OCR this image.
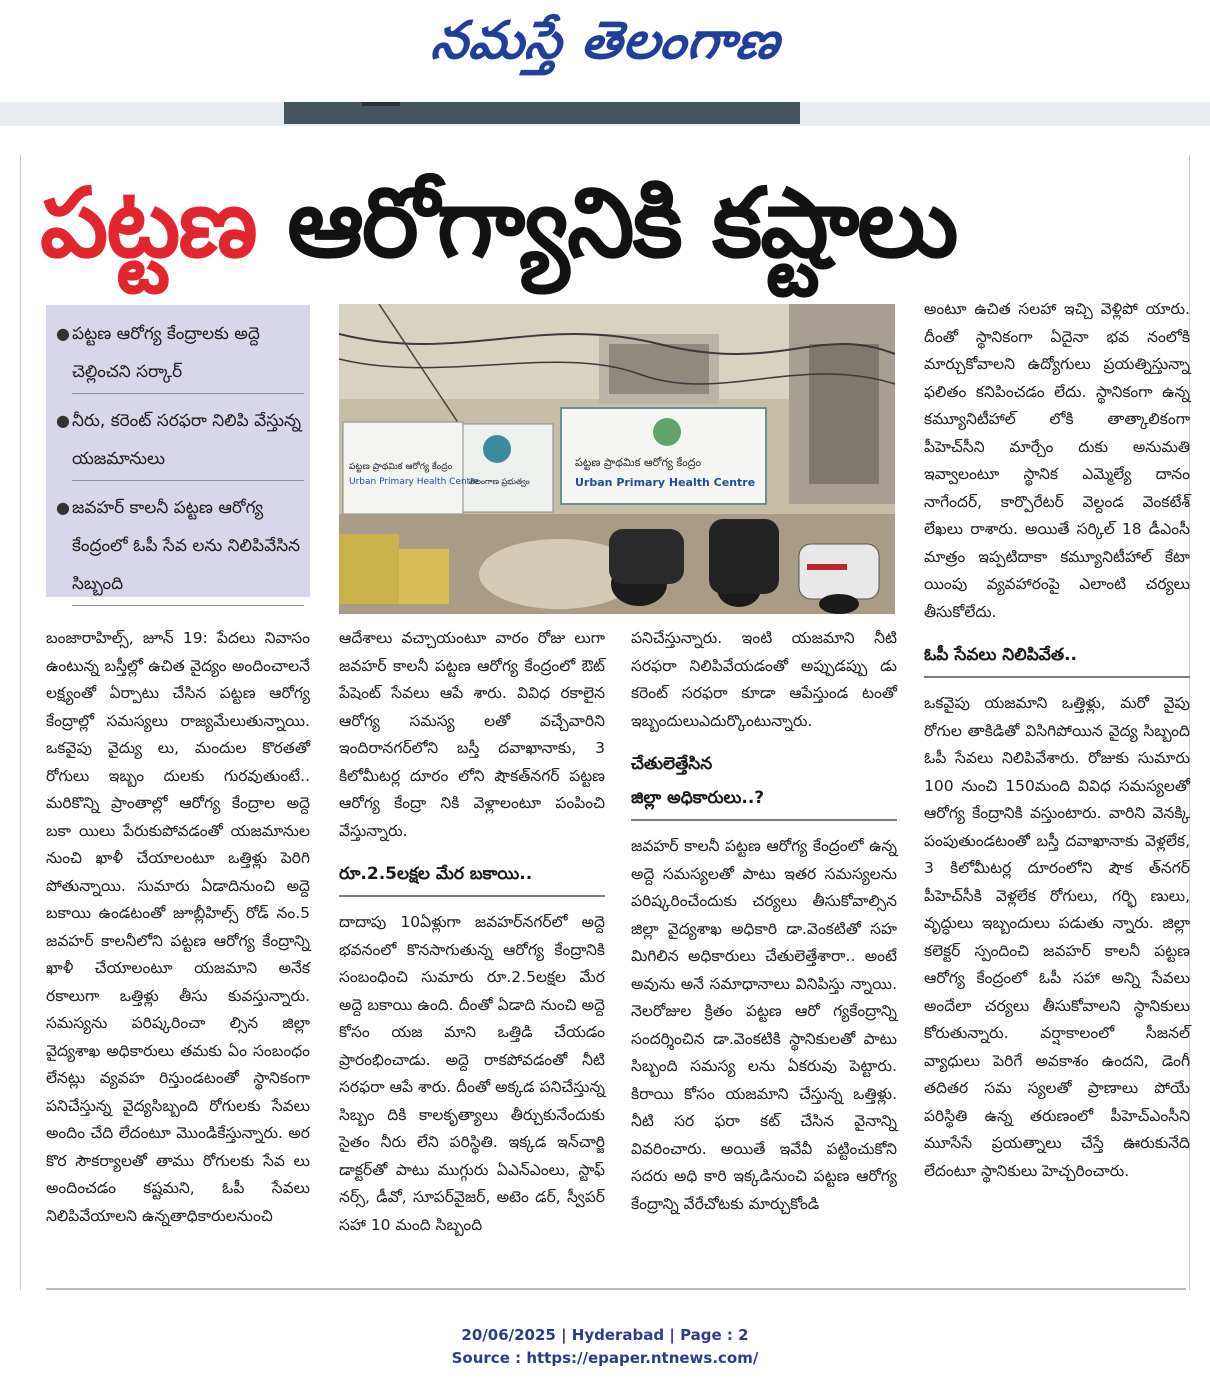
నమస్తే తెలంగాణ
పట్టణ ఆరోగ్యానికి కష్టాలు
● పట్టణ ఆరోగ్య కేంద్రాలకు అద్దె చెల్లించని సర్కార్
● నీరు, కరెంట్ సరఫరా నిలిపి వేస్తున్న యజమానులు
● జవహర్ కాలనీ పట్టణ ఆరోగ్య కేంద్రంలో ఓపీ సేవ లను నిలిపివేసిన సిబ్బంది
పట్టణ ప్రాథమిక ఆరోగ్య కేంద్రం
Urban Primary Health Centre
తెలంగాణ ప్రభుత్వం
పట్టణ ప్రాథమిక ఆరోగ్య కేంద్రం
Urban Primary Health Centre

బంజారాహిల్స్, జూన్ 19: పేదలు నివాసం ఉంటున్న బస్తీల్లో ఉచిత వైద్యం అందించాలనే లక్ష్యంతో ఏర్పాటు చేసిన పట్టణ ఆరోగ్య కేంద్రాల్లో సమస్యలు రాజ్యమేలుతున్నాయి. ఒకవైపు వైద్యు లు, మందుల కొరతతో రోగులు ఇబ్బం దులకు గురవుతుంటే.. మరికొన్ని ప్రాంతాల్లో ఆరోగ్య కేంద్రాల అద్దె బకా యిలు పేరుకుపోవడంతో యజమానుల నుంచి ఖాళీ చేయాలంటూ ఒత్తిళ్లు పెరిగి పోతున్నాయి. సుమారు ఏడాదినుంచి అద్దె బకాయి ఉండటంతో జూబ్లీహిల్స్ రోడ్ నం.5 జవహర్ కాలనీలోని పట్టణ ఆరోగ్య కేంద్రాన్ని ఖాళీ చేయాలంటూ యజమాని అనేక రకాలుగా ఒత్తిళ్లు తీసు కువస్తున్నారు. సమస్యను పరిష్కరించా ల్సిన జిల్లా వైద్యశాఖ అధికారులు తమకు ఏం సంబంధం లేనట్లు వ్యవహ రిస్తుండటంతో స్థానికంగా పనిచేస్తున్న వైద్యసిబ్బంది రోగులకు సేవలు అందిం చేది లేదంటూ మొండికేస్తున్నారు. అర కొర సౌకర్యాలతో తాము రోగులకు సేవ లు అందించడం కష్టమని, ఓపీ సేవలు నిలిపివేయాలని ఉన్నతాధికారులనుంచి

ఆదేశాలు వచ్చాయంటూ వారం రోజు లుగా జవహర్ కాలనీ పట్టణ ఆరోగ్య కేంద్రంలో ఔట్ పేషెంట్ సేవలు ఆపే శారు. వివిధ రకాలైన ఆరోగ్య సమస్య లతో వచ్చేవారిని ఇందిరానగర్‌లోని బస్తీ దవాఖానాకు, 3 కిలోమీటర్ల దూరం లోని షౌకత్‌నగర్ పట్టణ ఆరోగ్య కేంద్రా నికి వెళ్లాలంటూ పంపించి వేస్తున్నారు.

రూ.2.5లక్షల మేర బకాయి..

దాదాపు 10ఏళ్లుగా జవహర్‌నగర్‌లో అద్దె భవనంలో కొనసాగుతున్న ఆరోగ్య కేంద్రానికి సంబంధించి సుమారు రూ.2.5లక్షల మేర అద్దె బకాయి ఉంది. దీంతో ఏడాది నుంచి అద్దె కోసం యజ మాని ఒత్తిడి చేయడం ప్రారంభించాడు. అద్దె రాకపోవడంతో నీటి సరఫరా ఆపే శారు. దీంతో అక్కడ పనిచేస్తున్న సిబ్బం దికి కాలకృత్యాలు తీర్చుకునేందుకు సైతం నీరు లేని పరిస్థితి. ఇక్కడ ఇన్‌చార్జి డాక్టర్‌తో పాటు ముగ్గురు ఏఎన్‌ఎంలు, స్టాఫ్ నర్స్, డీవో, సూపర్‌వైజర్, అటెం డర్, స్వీపర్ సహా 10 మంది సిబ్బంది

పనిచేస్తున్నారు. ఇంటి యజమాని నీటి సరఫరా నిలిపివేయడంతో అప్పుడప్పు డు కరెంట్ సరఫరా కూడా ఆపేస్తుండ టంతో ఇబ్బందులుఎదుర్కొంటున్నారు.

చేతులెత్తేసిన
జిల్లా అధికారులు..?

జవహర్ కాలనీ పట్టణ ఆరోగ్య కేంద్రంలో ఉన్న అద్దె సమస్యలతో పాటు ఇతర సమస్యలను పరిష్కరించేందుకు చర్యలు తీసుకోవాల్సిన జిల్లా వైద్యశాఖ అధికారి డా.వెంకటితో సహ మిగిలిన అధికారులు చేతులెత్తేశారా.. అంటే అవును అనే సమాధానాలు వినిపిస్తు న్నాయి. నెలరోజుల క్రితం పట్టణ ఆరో గ్యకేంద్రాన్ని సందర్శించిన డా.వెంకటికి స్థానికులతో పాటు సిబ్బంది సమస్య లను ఏకరువు పెట్టారు. కిరాయి కోసం యజమాని చేస్తున్న ఒత్తిళ్లు. నీటి సర ఫరా కట్ చేసిన వైనాన్ని వివరించారు. అయితే ఇవేవీ పట్టించుకోని సదరు అధి కారి ఇక్కడినుంచి పట్టణ ఆరోగ్య కేంద్రాన్ని వేరేచోటకు మార్చుకోండి

అంటూ ఉచిత సలహా ఇచ్చి వెళ్లిపో యారు. దీంతో స్థానికంగా ఏదైనా భవ నంలోకి మార్చుకోవాలని ఉద్యోగులు ప్రయత్నిస్తున్నా ఫలితం కనిపించడం లేదు. స్థానికంగా ఉన్న కమ్యూనిటీహాల్ లోకి తాత్కాలికంగా పీహెచ్‌సీని మార్చేం దుకు అనుమతి ఇవ్వాలంటూ స్థానిక ఎమ్మెల్యే దానం నాగేందర్, కార్పొరేటర్ వెల్దండ వెంకటేశ్ లేఖలు రాశారు. అయితే సర్కిల్ 18 డీఎంసీ మాత్రం ఇప్పటిదాకా కమ్యూనిటీహాల్ కేటా యింపు వ్యవహారంపై ఎలాంటి చర్యలు తీసుకోలేదు.

ఓపీ సేవలు నిలిపివేత..

ఒకవైపు యజమాని ఒత్తిళ్లు, మరో వైపు రోగుల తాకిడితో విసిగిపోయిన వైద్య సిబ్బంది ఓపీ సేవలు నిలిపివేశారు. రోజుకు సుమారు 100 నుంచి 150మంది వివిధ సమస్యలతో ఆరోగ్య కేంద్రానికి వస్తుంటారు. వారిని వెనక్కి పంపుతుండటంతో బస్తీ దవాఖానాకు వెళ్లలేక, 3 కిలోమీటర్ల దూరంలోని షౌక త్‌నగర్ పీహెచ్‌సీకి వెళ్లలేక రోగులు, గర్భి ణులు, వృద్ధులు ఇబ్బందులు పడుతు న్నారు. జిల్లా కలెక్టర్ స్పందించి జవహర్ కాలనీ పట్టణ ఆరోగ్య కేంద్రంలో ఓపీ సహా అన్ని సేవలు అందేలా చర్యలు తీసుకోవాలని స్థానికులు కోరుతున్నారు. వర్షాకాలంలో సీజనల్ వ్యాధులు పెరిగే అవకాశం ఉందని, డెంగీ తదితర సమ స్యలతో ప్రాణాలు పోయే పరిస్థితి ఉన్న తరుణంలో పీహెచ్‌ఎంసీని మూసేసే ప్రయత్నాలు చేస్తే ఊరుకునేది లేదంటూ స్థానికులు హెచ్చరించారు.

20/06/2025 | Hyderabad | Page : 2
Source : https://epaper.ntnews.com/
